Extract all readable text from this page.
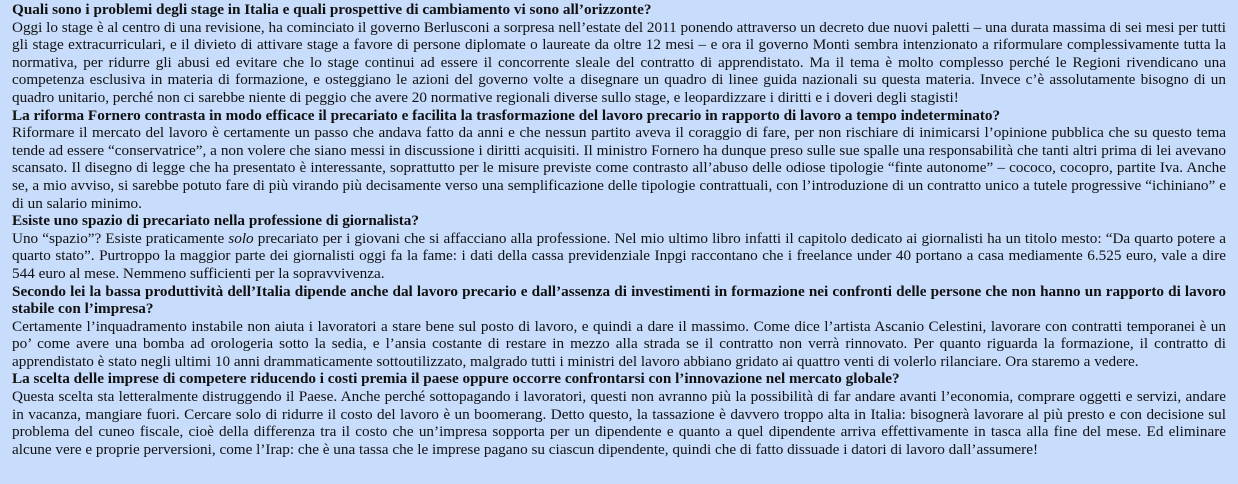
Quali sono i problemi degli stage in Italia e quali prospettive di cambiamento vi sono all’orizzonte?

Oggi lo stage è al centro di una revisione, ha cominciato il governo Berlusconi a sorpresa nell’estate del 2011 ponendo attraverso un decreto due nuovi paletti – una durata massima di sei mesi per tutti gli stage extracurriculari, e il divieto di attivare stage a favore di persone diplomate o laureate da oltre 12 mesi – e ora il governo Monti sembra intenzionato a riformulare complessivamente tutta la normativa, per ridurre gli abusi ed evitare che lo stage continui ad essere il concorrente sleale del contratto di apprendistato. Ma il tema è molto complesso perché le Regioni rivendicano una competenza esclusiva in materia di formazione, e osteggiano le azioni del governo volte a disegnare un quadro di linee guida nazionali su questa materia. Invece c’è assolutamente bisogno di un quadro unitario, perché non ci sarebbe niente di peggio che avere 20 normative regionali diverse sullo stage, e leopardizzare i diritti e i doveri degli stagisti!

La riforma Fornero contrasta in modo efficace il precariato e facilita la trasformazione del lavoro precario in rapporto di lavoro a tempo indeterminato?

Riformare il mercato del lavoro è certamente un passo che andava fatto da anni e che nessun partito aveva il coraggio di fare, per non rischiare di inimicarsi l’opinione pubblica che su questo tema tende ad essere “conservatrice”, a non volere che siano messi in discussione i diritti acquisiti. Il ministro Fornero ha dunque preso sulle sue spalle una responsabilità che tanti altri prima di lei avevano scansato. Il disegno di legge che ha presentato è interessante, soprattutto per le misure previste come contrasto all’abuso delle odiose tipologie “finte autonome” – cococo, cocopro, partite Iva. Anche se, a mio avviso, si sarebbe potuto fare di più virando più decisamente verso una semplificazione delle tipologie contrattuali, con l’introduzione di un contratto unico a tutele progressive “ichiniano” e di un salario minimo.

Esiste uno spazio di precariato nella professione di giornalista?

Uno “spazio”? Esiste praticamente solo precariato per i giovani che si affacciano alla professione. Nel mio ultimo libro infatti il capitolo dedicato ai giornalisti ha un titolo mesto: “Da quarto potere a quarto stato”. Purtroppo la maggior parte dei giornalisti oggi fa la fame: i dati della cassa previdenziale Inpgi raccontano che i freelance under 40 portano a casa mediamente 6.525 euro, vale a dire 544 euro al mese. Nemmeno sufficienti per la sopravvivenza.

Secondo lei la bassa produttività dell’Italia dipende anche dal lavoro precario e dall’assenza di investimenti in formazione nei confronti delle persone che non hanno un rapporto di lavoro stabile con l’impresa?

Certamente l’inquadramento instabile non aiuta i lavoratori a stare bene sul posto di lavoro, e quindi a dare il massimo. Come dice l’artista Ascanio Celestini, lavorare con contratti temporanei è un po’ come avere una bomba ad orologeria sotto la sedia, e l’ansia costante di restare in mezzo alla strada se il contratto non verrà rinnovato. Per quanto riguarda la formazione, il contratto di apprendistato è stato negli ultimi 10 anni drammaticamente sottoutilizzato, malgrado tutti i ministri del lavoro abbiano gridato ai quattro venti di volerlo rilanciare. Ora staremo a vedere.

La scelta delle imprese di competere riducendo i costi premia il paese oppure occorre confrontarsi con l’innovazione nel mercato globale?

Questa scelta sta letteralmente distruggendo il Paese. Anche perché sottopagando i lavoratori, questi non avranno più la possibilità di far andare avanti l’economia, comprare oggetti e servizi, andare in vacanza, mangiare fuori. Cercare solo di ridurre il costo del lavoro è un boomerang. Detto questo, la tassazione è davvero troppo alta in Italia: bisognerà lavorare al più presto e con decisione sul problema del cuneo fiscale, cioè della differenza tra il costo che un’impresa sopporta per un dipendente e quanto a quel dipendente arriva effettivamente in tasca alla fine del mese. Ed eliminare alcune vere e proprie perversioni, come l’Irap: che è una tassa che le imprese pagano su ciascun dipendente, quindi che di fatto dissuade i datori di lavoro dall’assumere!
